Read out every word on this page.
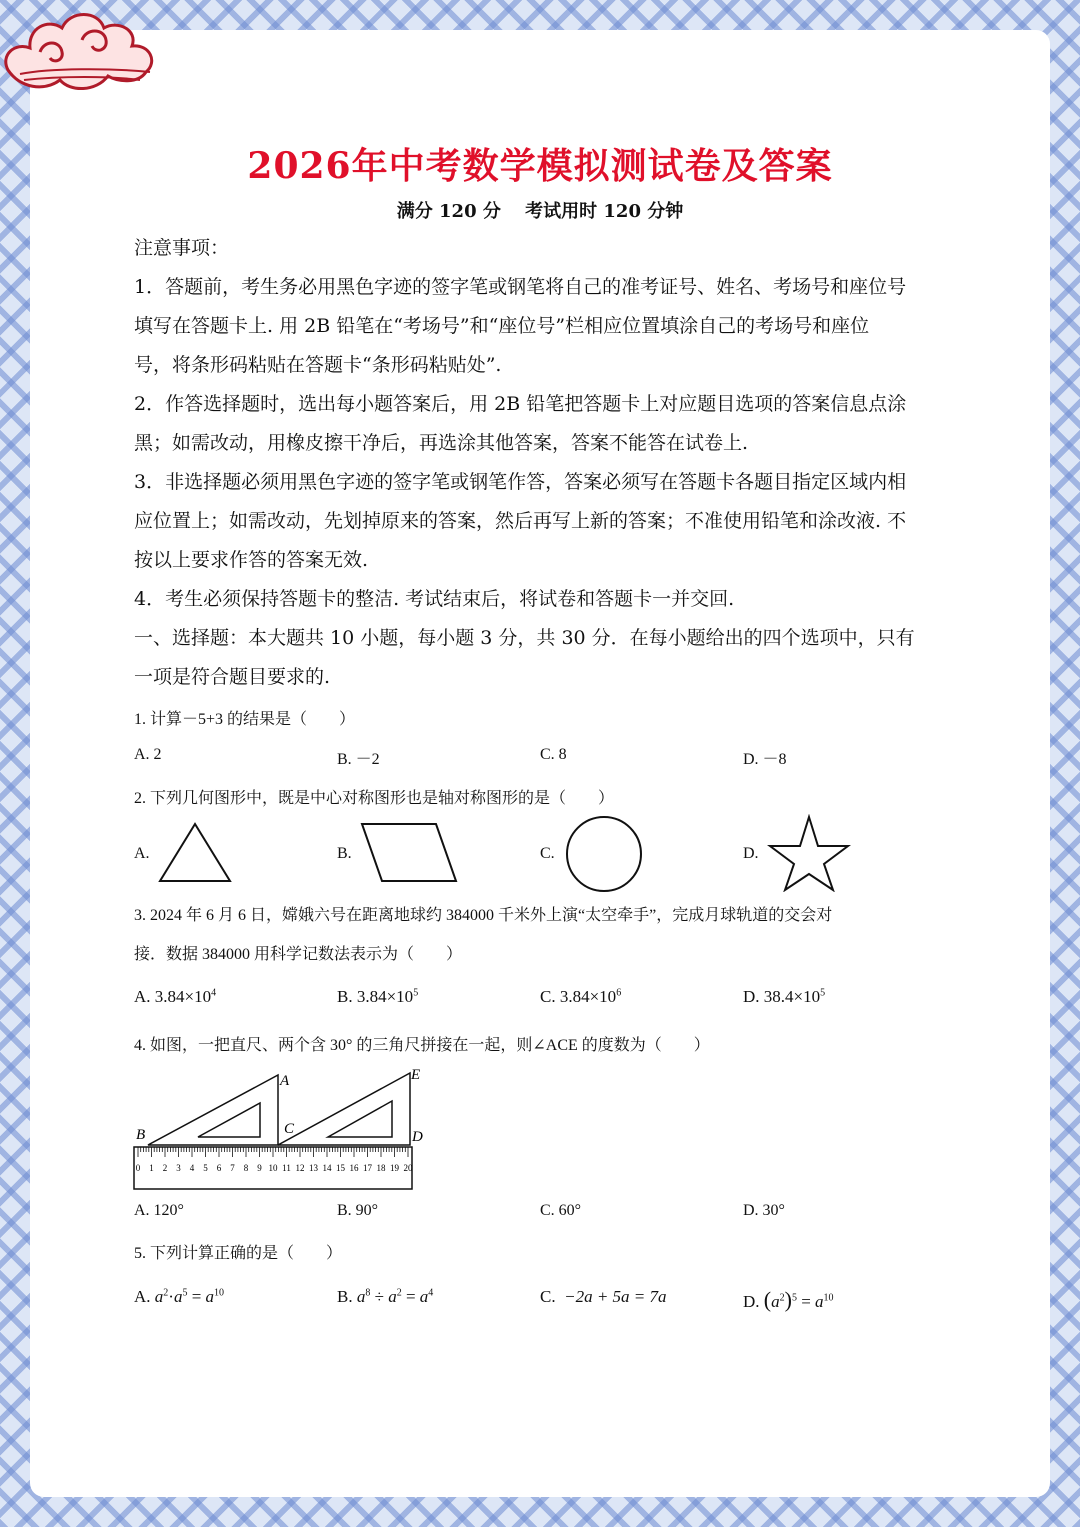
2026年中考数学模拟测试卷及答案
满分 120 分　 考试用时 120 分钟
注意事项：
1．答题前，考生务必用黑色字迹的签字笔或钢笔将自己的准考证号、姓名、考场号和座位号
填写在答题卡上. 用 2B 铅笔在“考场号”和“座位号”栏相应位置填涂自己的考场号和座位
号，将条形码粘贴在答题卡“条形码粘贴处”.
2．作答选择题时，选出每小题答案后，用 2B 铅笔把答题卡上对应题目选项的答案信息点涂
黑；如需改动，用橡皮擦干净后，再选涂其他答案，答案不能答在试卷上.
3．非选择题必须用黑色字迹的签字笔或钢笔作答，答案必须写在答题卡各题目指定区域内相
应位置上；如需改动，先划掉原来的答案，然后再写上新的答案；不准使用铅笔和涂改液. 不
按以上要求作答的答案无效.
4．考生必须保持答题卡的整洁. 考试结束后，将试卷和答题卡一并交回.
一、选择题：本大题共 10 小题，每小题 3 分，共 30 分．在每小题给出的四个选项中，只有
一项是符合题目要求的.
1. 计算－5+3 的结果是（　　）
A. 2	B. －2	C. 8	D. －8
2. 下列几何图形中，既是中心对称图形也是轴对称图形的是（　　）
A.	B.	C.	D.
3. 2024 年 6 月 6 日，嫦娥六号在距离地球约 384000 千米外上演“太空牵手”，完成月球轨道的交会对
接．数据 384000 用科学记数法表示为（　　）
A. $3.84\times 10^4$	B. $3.84\times 10^5$	C. $3.84\times 10^6$	D. $38.4\times 10^5$
4. 如图，一把直尺、两个含 30° 的三角尺拼接在一起，则∠ACE 的度数为（　　）
0 1 2 3 4 5 6 7 8 9 10 11 12 13 14 15 16 17 18 19 20
A
B	C	D
E
A. 120°	B. 90°	C. 60°	D. 30°
5. 下列计算正确的是（　　）
A. $a^2\cdot a^5 = a^{10}$	B. $a^8 \div a^2 = a^4$	C. −2a + 5a = 7a	D. $(a^2)^5 = a^{10}$
